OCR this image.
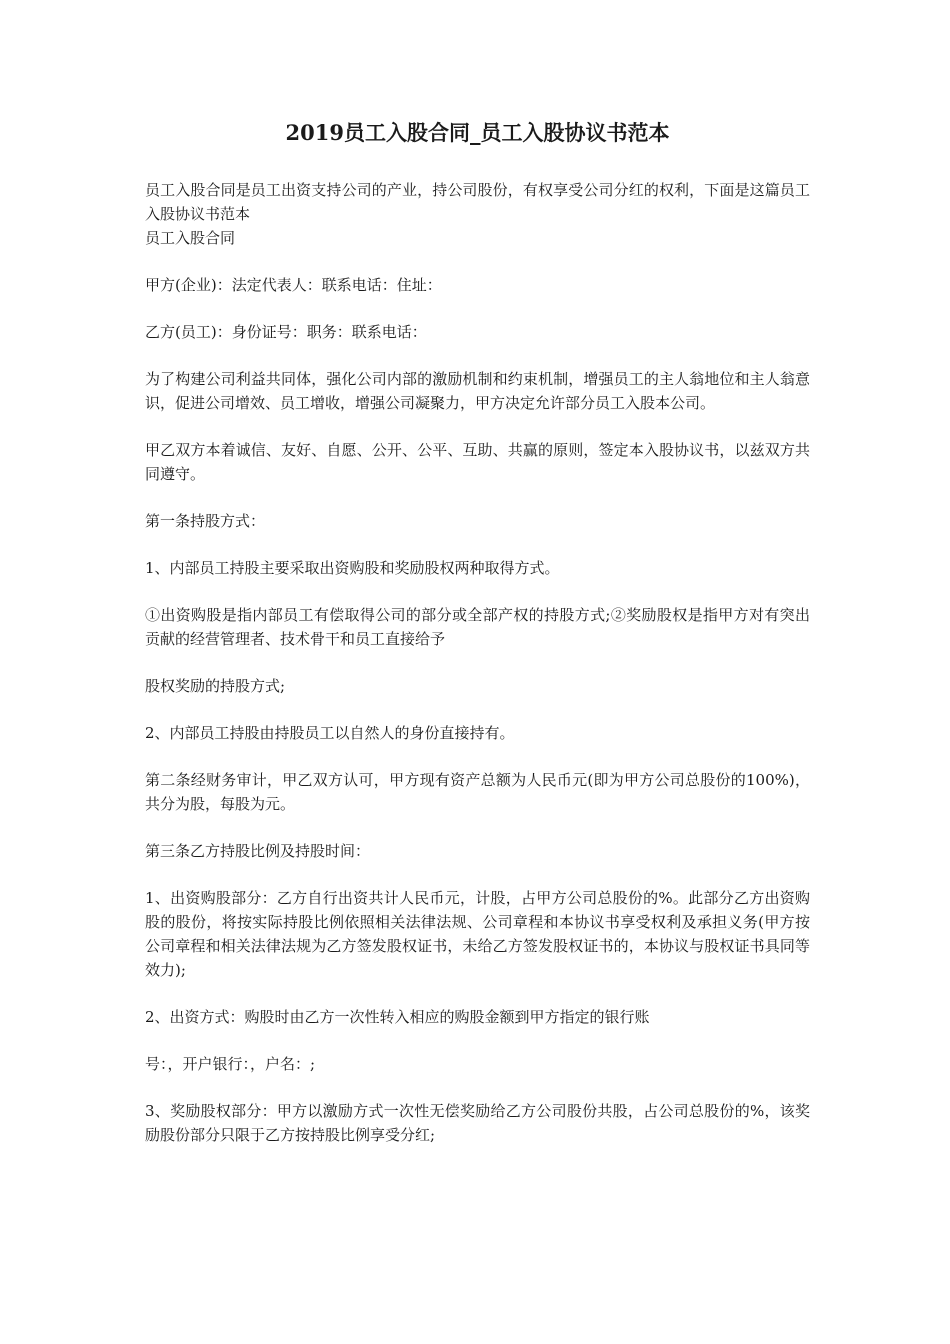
2019员工入股合同_员工入股协议书范本

员工入股合同是员工出资支持公司的产业，持公司股份，有权享受公司分红的权利，下面是这篇员工入股协议书范本

员工入股合同

甲方(企业)：法定代表人：联系电话：住址：

乙方(员工)：身份证号：职务：联系电话：

为了构建公司利益共同体，强化公司内部的激励机制和约束机制，增强员工的主人翁地位和主人翁意识，促进公司增效、员工增收，增强公司凝聚力，甲方决定允许部分员工入股本公司。

甲乙双方本着诚信、友好、自愿、公开、公平、互助、共赢的原则，签定本入股协议书，以兹双方共同遵守。

第一条持股方式：

1、内部员工持股主要采取出资购股和奖励股权两种取得方式。

①出资购股是指内部员工有偿取得公司的部分或全部产权的持股方式;②奖励股权是指甲方对有突出贡献的经营管理者、技术骨干和员工直接给予

股权奖励的持股方式;

2、内部员工持股由持股员工以自然人的身份直接持有。

第二条经财务审计，甲乙双方认可，甲方现有资产总额为人民币元(即为甲方公司总股份的100%)，共分为股，每股为元。

第三条乙方持股比例及持股时间：

1、出资购股部分：乙方自行出资共计人民币元，计股，占甲方公司总股份的%。此部分乙方出资购股的股份，将按实际持股比例依照相关法律法规、公司章程和本协议书享受权利及承担义务(甲方按公司章程和相关法律法规为乙方签发股权证书，未给乙方签发股权证书的，本协议与股权证书具同等效力);

2、出资方式：购股时由乙方一次性转入相应的购股金额到甲方指定的银行账

号：，开户银行：，户名：;

3、奖励股权部分：甲方以激励方式一次性无偿奖励给乙方公司股份共股，占公司总股份的%，该奖励股份部分只限于乙方按持股比例享受分红;
